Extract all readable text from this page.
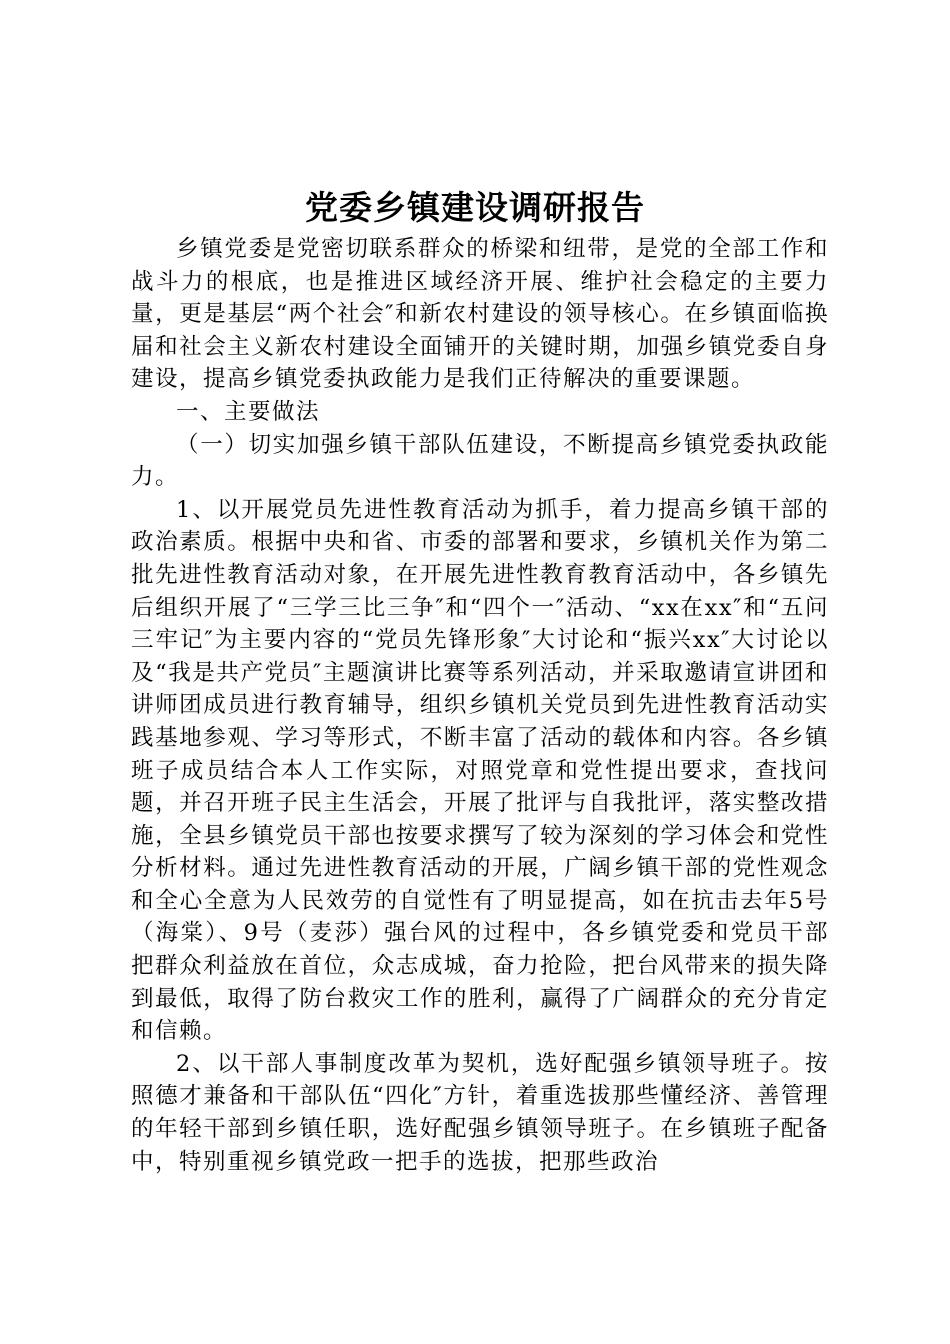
党委乡镇建设调研报告

乡镇党委是党密切联系群众的桥梁和纽带，是党的全部工作和战斗力的根底，也是推进区域经济开展、维护社会稳定的主要力量，更是基层“两个社会″和新农村建设的领导核心。在乡镇面临换届和社会主义新农村建设全面铺开的关键时期，加强乡镇党委自身建设，提高乡镇党委执政能力是我们正待解决的重要课题。

一、主要做法

（一）切实加强乡镇干部队伍建设，不断提高乡镇党委执政能力。

1、以开展党员先进性教育活动为抓手，着力提高乡镇干部的政治素质。根据中央和省、市委的部署和要求，乡镇机关作为第二批先进性教育活动对象，在开展先进性教育教育活动中，各乡镇先后组织开展了“三学三比三争″和“四个一″活动、“xx在xx″和“五问三牢记″为主要内容的“党员先锋形象″大讨论和“振兴xx″大讨论以及“我是共产党员″主题演讲比赛等系列活动，并采取邀请宣讲团和讲师团成员进行教育辅导，组织乡镇机关党员到先进性教育活动实践基地参观、学习等形式，不断丰富了活动的载体和内容。各乡镇班子成员结合本人工作实际，对照党章和党性提出要求，查找问题，并召开班子民主生活会，开展了批评与自我批评，落实整改措施，全县乡镇党员干部也按要求撰写了较为深刻的学习体会和党性分析材料。通过先进性教育活动的开展，广阔乡镇干部的党性观念和全心全意为人民效劳的自觉性有了明显提高，如在抗击去年5号（海棠）、9号（麦莎）强台风的过程中，各乡镇党委和党员干部把群众利益放在首位，众志成城，奋力抢险，把台风带来的损失降到最低，取得了防台救灾工作的胜利，赢得了广阔群众的充分肯定和信赖。

2、以干部人事制度改革为契机，选好配强乡镇领导班子。按照德才兼备和干部队伍“四化″方针，着重选拔那些懂经济、善管理的年轻干部到乡镇任职，选好配强乡镇领导班子。在乡镇班子配备中，特别重视乡镇党政一把手的选拔，把那些政治
